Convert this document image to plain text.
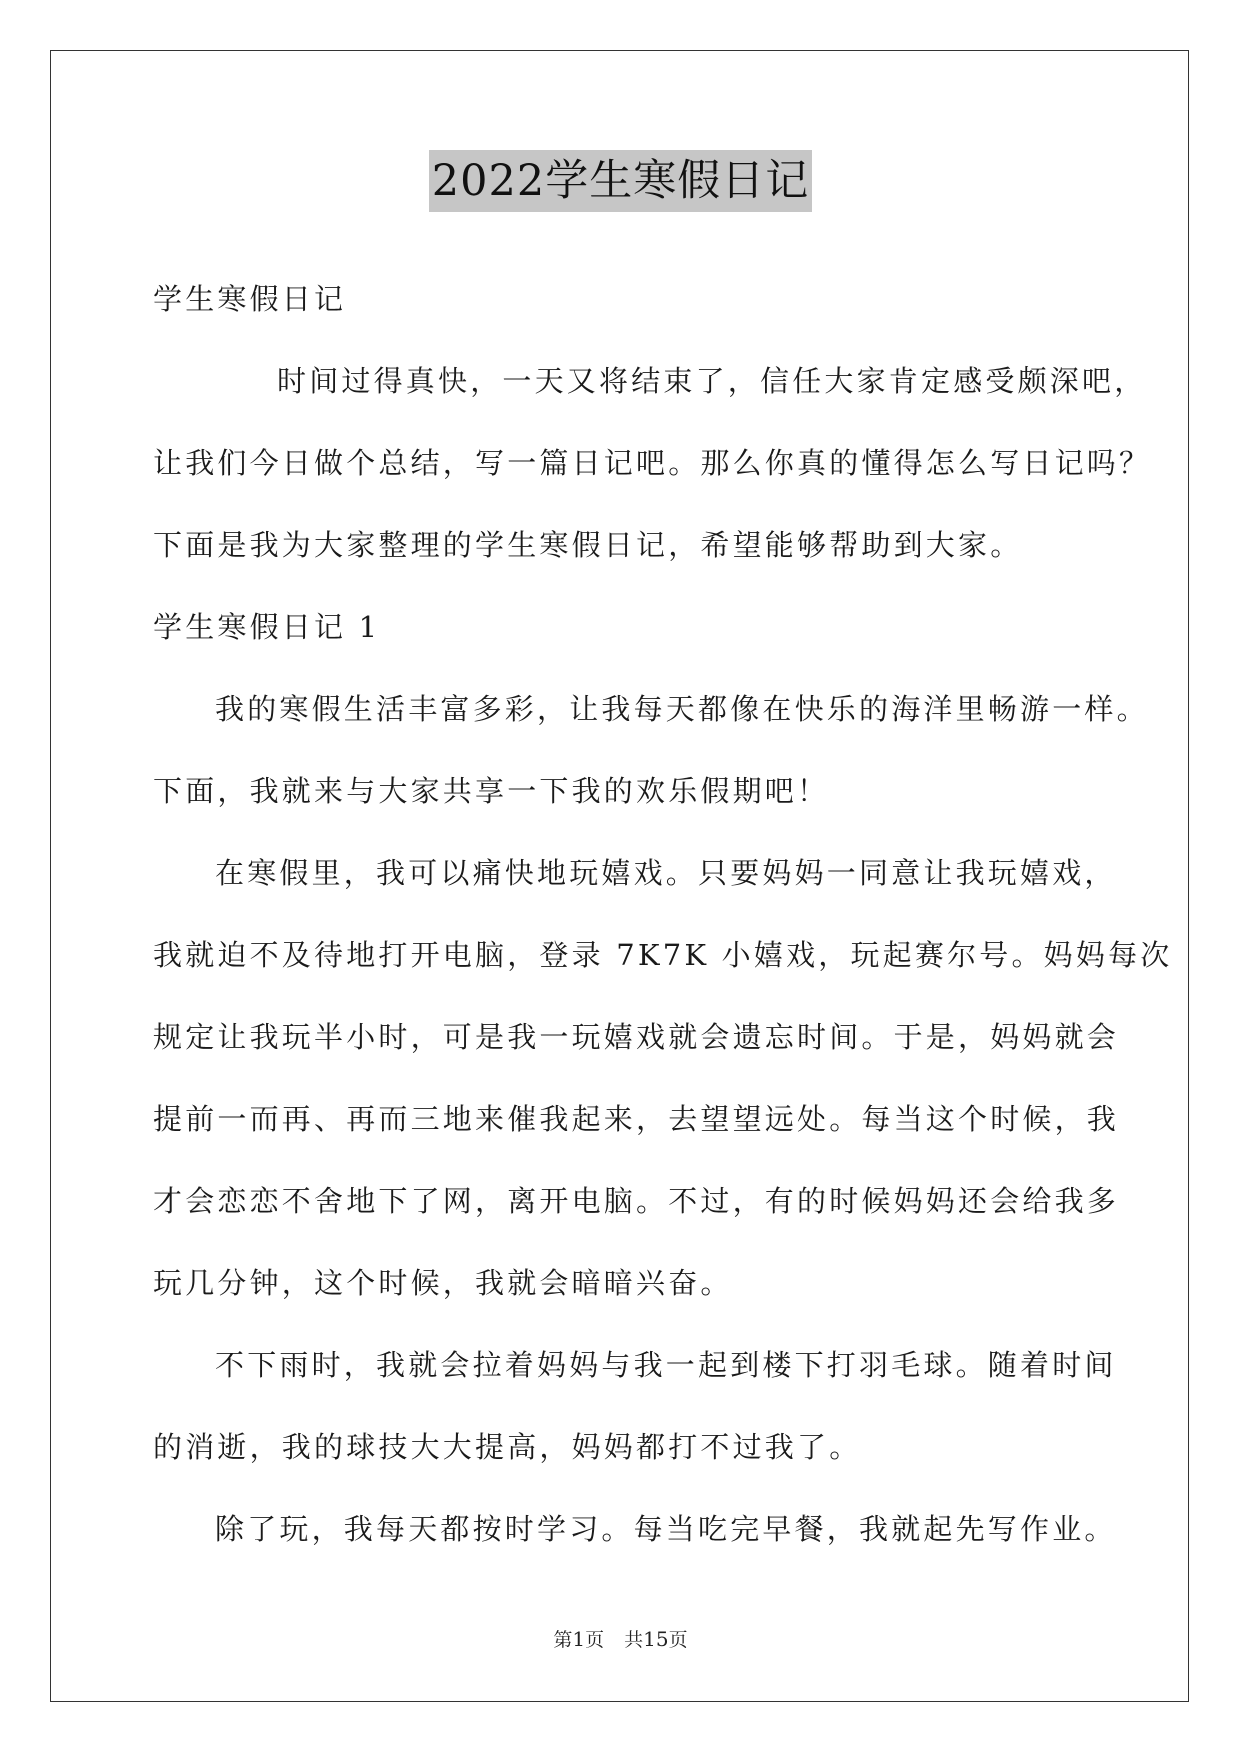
2022学生寒假日记

学生寒假日记

时间过得真快，一天又将结束了，信任大家肯定感受颇深吧，

让我们今日做个总结，写一篇日记吧。那么你真的懂得怎么写日记吗？

下面是我为大家整理的学生寒假日记，希望能够帮助到大家。

学生寒假日记 1

我的寒假生活丰富多彩，让我每天都像在快乐的海洋里畅游一样。

下面，我就来与大家共享一下我的欢乐假期吧！

在寒假里，我可以痛快地玩嬉戏。只要妈妈一同意让我玩嬉戏，

我就迫不及待地打开电脑，登录 7K7K 小嬉戏，玩起赛尔号。妈妈每次

规定让我玩半小时，可是我一玩嬉戏就会遗忘时间。于是，妈妈就会

提前一而再、再而三地来催我起来，去望望远处。每当这个时候，我

才会恋恋不舍地下了网，离开电脑。不过，有的时候妈妈还会给我多

玩几分钟，这个时候，我就会暗暗兴奋。

不下雨时，我就会拉着妈妈与我一起到楼下打羽毛球。随着时间

的消逝，我的球技大大提高，妈妈都打不过我了。

除了玩，我每天都按时学习。每当吃完早餐，我就起先写作业。

第1页 共15页
